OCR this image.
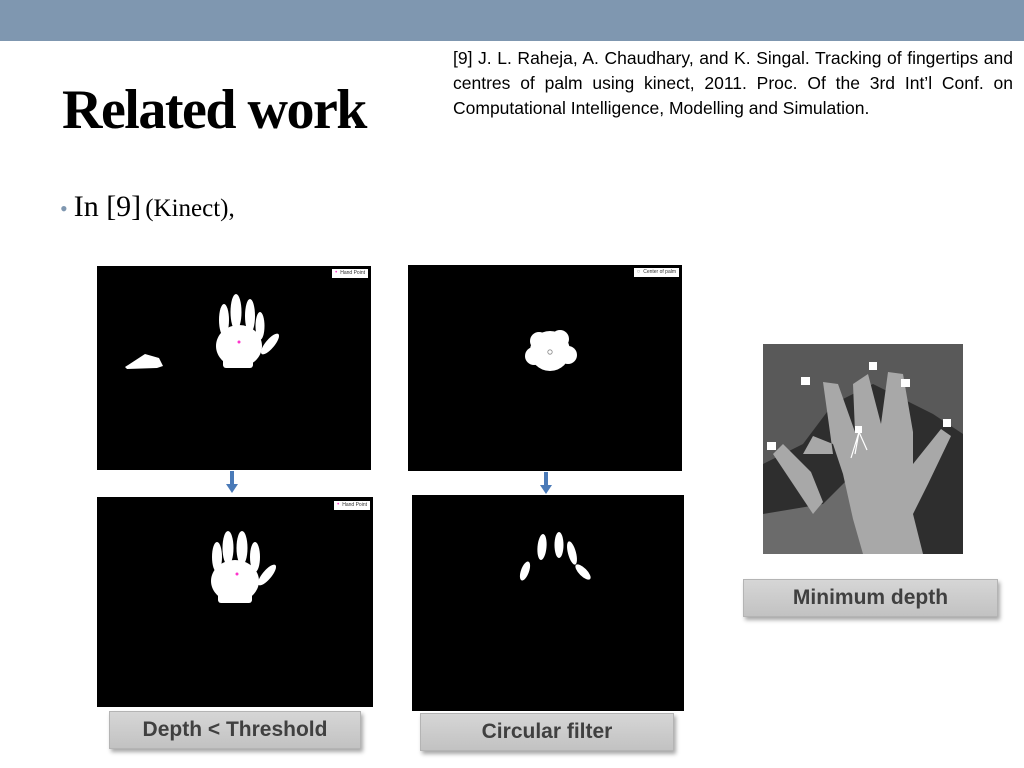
Related work
[9] J. L. Raheja, A. Chaudhary, and K. Singal. Tracking of fingertips and centres of palm using kinect, 2011. Proc. Of the 3rd Int’l Conf. on Computational Intelligence, Modelling and Simulation.
• In [9] (Kinect),
• Hand Point
• Hand Point
○ Center of palm
Depth < Threshold	Circular filter
Minimum depth
